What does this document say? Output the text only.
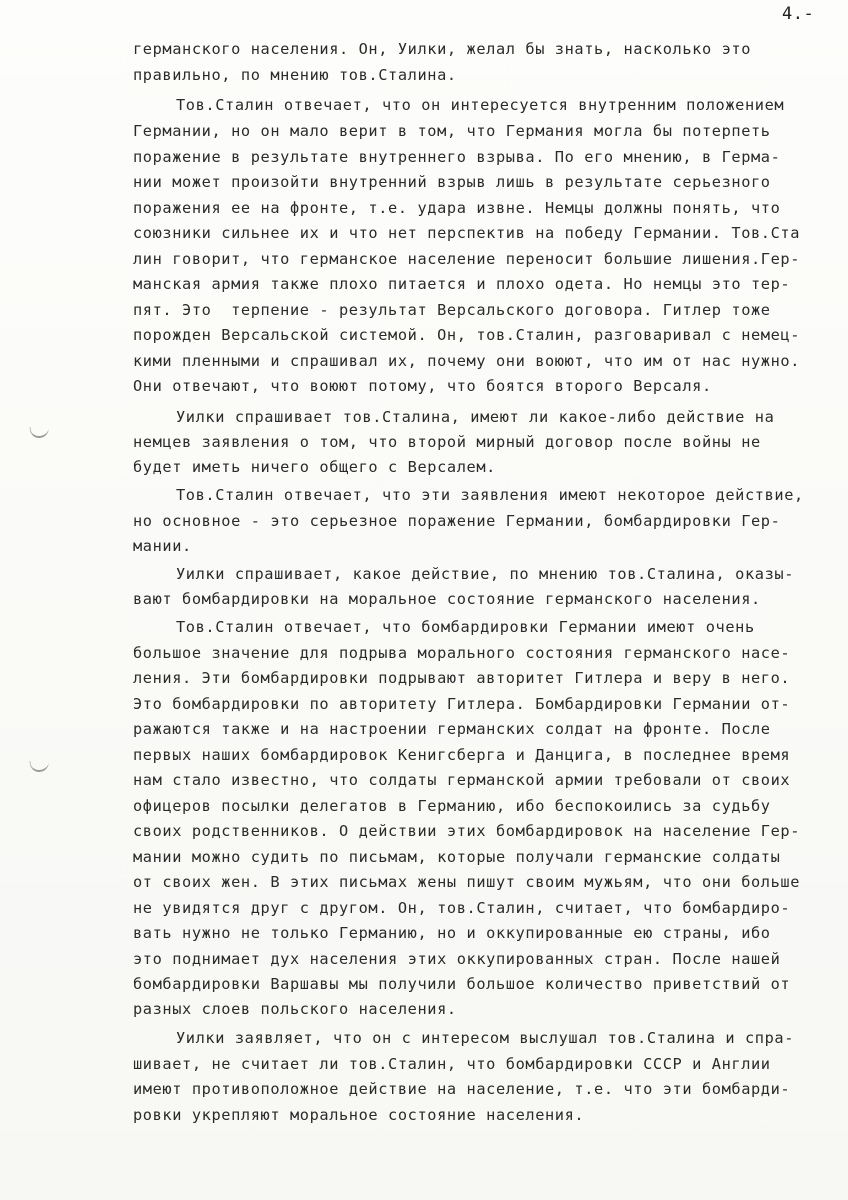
4.-
германского населения. Он, Уилки, желал бы знать, насколько это
правильно, по мнению тов.Сталина.
Тов.Сталин отвечает, что он интересуется внутренним положением
Германии, но он мало верит в том, что Германия могла бы потерпеть
поражение в результате внутреннего взрыва. По его мнению, в Герма-
нии может произойти внутренний взрыв лишь в результате серьезного
поражения ее на фронте, т.е. удара извне. Немцы должны понять, что
союзники сильнее их и что нет перспектив на победу Германии. Тов.Ста
лин говорит, что германское население переносит большие лишения.Гер-
манская армия также плохо питается и плохо одета. Но немцы это тер-
пят. Это  терпение - результат Версальского договора. Гитлер тоже
порожден Версальской системой. Он, тов.Сталин, разговаривал с немец-
кими пленными и спрашивал их, почему они воюют, что им от нас нужно.
Они отвечают, что воюют потому, что боятся второго Версаля.
Уилки спрашивает тов.Сталина, имеют ли какое-либо действие на
немцев заявления о том, что второй мирный договор после войны не
будет иметь ничего общего с Версалем.
Тов.Сталин отвечает, что эти заявления имеют некоторое действие,
но основное - это серьезное поражение Германии, бомбардировки Гер-
мании.
Уилки спрашивает, какое действие, по мнению тов.Сталина, оказы-
вают бомбардировки на моральное состояние германского населения.
Тов.Сталин отвечает, что бомбардировки Германии имеют очень
большое значение для подрыва морального состояния германского насе-
ления. Эти бомбардировки подрывают авторитет Гитлера и веру в него.
Это бомбардировки по авторитету Гитлера. Бомбардировки Германии от-
ражаются также и на настроении германских солдат на фронте. После
первых наших бомбардировок Кенигсберга и Данцига, в последнее время
нам стало известно, что солдаты германской армии требовали от своих
офицеров посылки делегатов в Германию, ибо беспокоились за судьбу
своих родственников. О действии этих бомбардировок на население Гер-
мании можно судить по письмам, которые получали германские солдаты
от своих жен. В этих письмах жены пишут своим мужьям, что они больше
не увидятся друг с другом. Он, тов.Сталин, считает, что бомбардиро-
вать нужно не только Германию, но и оккупированные ею страны, ибо
это поднимает дух населения этих оккупированных стран. После нашей
бомбардировки Варшавы мы получили большое количество приветствий от
разных слоев польского населения.
Уилки заявляет, что он с интересом выслушал тов.Сталина и спра-
шивает, не считает ли тов.Сталин, что бомбардировки СССР и Англии
имеют противоположное действие на население, т.е. что эти бомбарди-
ровки укрепляют моральное состояние населения.
